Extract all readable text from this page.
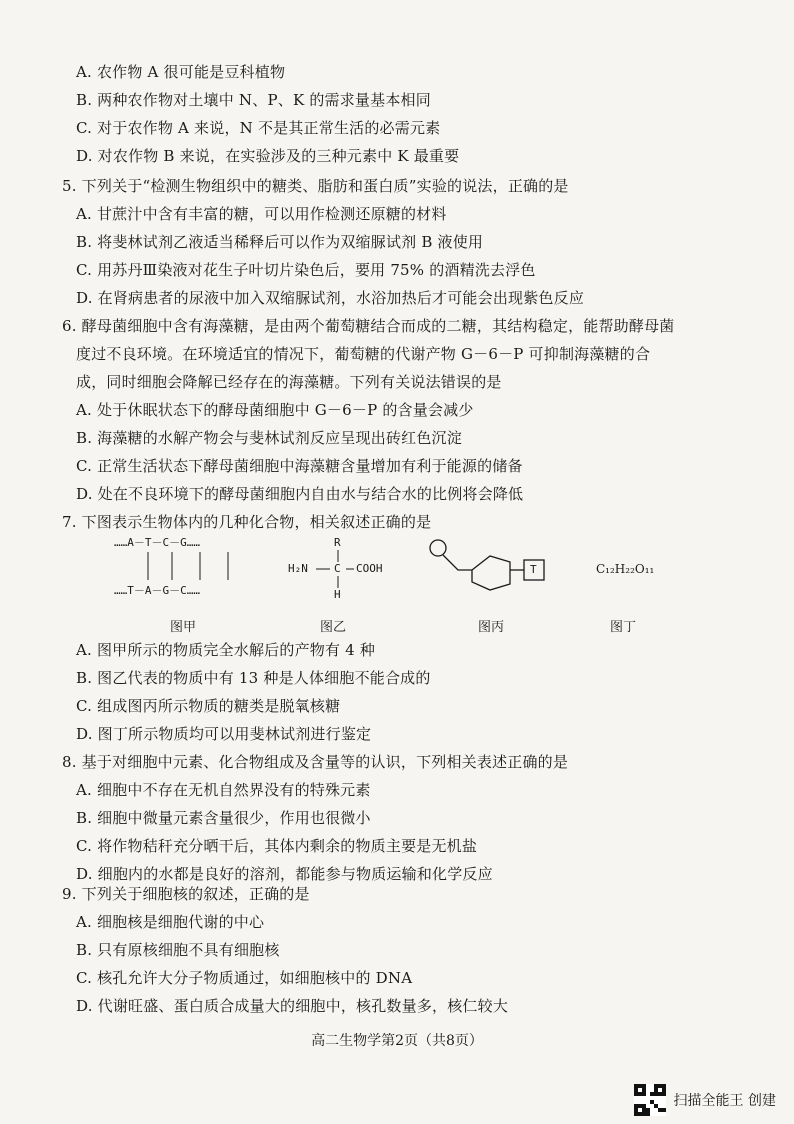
A. 农作物 A 很可能是豆科植物
B. 两种农作物对土壤中 N、P、K 的需求量基本相同
C. 对于农作物 A 来说，N 不是其正常生活的必需元素
D. 对农作物 B 来说，在实验涉及的三种元素中 K 最重要
5. 下列关于“检测生物组织中的糖类、脂肪和蛋白质”实验的说法，正确的是
A. 甘蔗汁中含有丰富的糖，可以用作检测还原糖的材料
B. 将斐林试剂乙液适当稀释后可以作为双缩脲试剂 B 液使用
C. 用苏丹Ⅲ染液对花生子叶切片染色后，要用 75% 的酒精洗去浮色
D. 在肾病患者的尿液中加入双缩脲试剂，水浴加热后才可能会出现紫色反应
6. 酵母菌细胞中含有海藻糖，是由两个葡萄糖结合而成的二糖，其结构稳定，能帮助酵母菌
度过不良环境。在环境适宜的情况下，葡萄糖的代谢产物 G－6－P 可抑制海藻糖的合
成，同时细胞会降解已经存在的海藻糖。下列有关说法错误的是
A. 处于休眠状态下的酵母菌细胞中 G－6－P 的含量会减少
B. 海藻糖的水解产物会与斐林试剂反应呈现出砖红色沉淀
C. 正常生活状态下酵母菌细胞中海藻糖含量增加有利于能源的储备
D. 处在不良环境下的酵母菌细胞内自由水与结合水的比例将会降低
7. 下图表示生物体内的几种化合物，相关叙述正确的是
……A－T－C－G……
……T－A－G－C……
图甲
R
H₂N C COOH
H
图乙
T
图丙
C₁₂H₂₂O₁₁
图丁
A. 图甲所示的物质完全水解后的产物有 4 种
B. 图乙代表的物质中有 13 种是人体细胞不能合成的
C. 组成图丙所示物质的糖类是脱氧核糖
D. 图丁所示物质均可以用斐林试剂进行鉴定
8. 基于对细胞中元素、化合物组成及含量等的认识，下列相关表述正确的是
A. 细胞中不存在无机自然界没有的特殊元素
B. 细胞中微量元素含量很少，作用也很微小
C. 将作物秸秆充分晒干后，其体内剩余的物质主要是无机盐
D. 细胞内的水都是良好的溶剂，都能参与物质运输和化学反应
9. 下列关于细胞核的叙述，正确的是
A. 细胞核是细胞代谢的中心
B. 只有原核细胞不具有细胞核
C. 核孔允许大分子物质通过，如细胞核中的 DNA
D. 代谢旺盛、蛋白质合成量大的细胞中，核孔数量多，核仁较大
高二生物学第2页（共8页）
扫描全能王 创建
